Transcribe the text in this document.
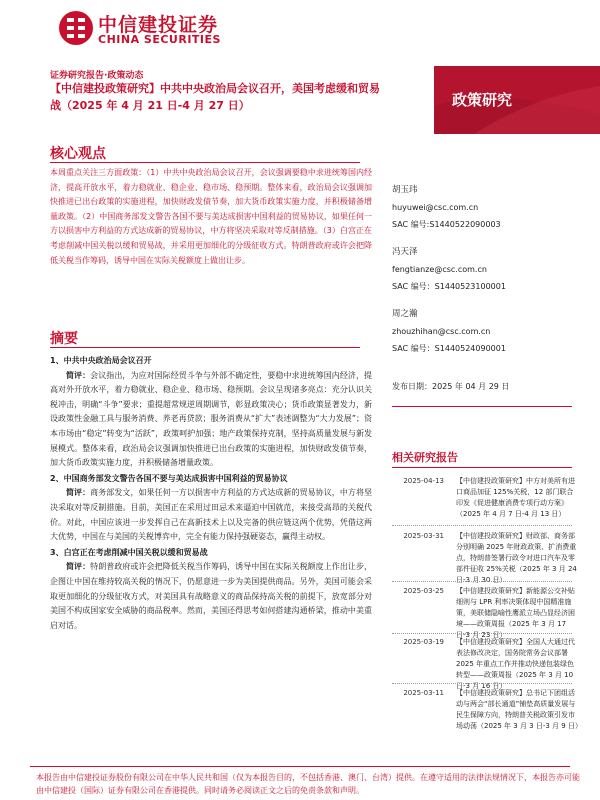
中信建投证券
CHINA SECURITIES
证券研究报告·政策动态
【中信建投政策研究】中共中央政治局会议召开，美国考虑缓和贸易战（2025 年 4 月 21 日-4 月 27 日）	政策研究
核心观点
本周重点关注三方面政策：（1）中共中央政治局会议召开，会议强调要稳中求进统筹国内经济，提高开放水平，着力稳就业、稳企业、稳市场、稳预期。整体来看，政治局会议强调加快推进已出台政策的实施进程，加快财政发债节奏，加大货币政策实施力度，并积极储备增量政策。（2）中国商务部发文警告各国不要与美达成损害中国利益的贸易协议，如果任何一方以损害中方利益的方式达成新的贸易协议，中方将坚决采取对等反制措施。（3）白宫正在考虑削减中国关税以缓和贸易战，并采用更加细化的分级征收方式。特朗普政府或许会把降低关税当作筹码，诱导中国在实际关税额度上做出让步。
摘要

1、中共中央政治局会议召开

简评：会议指出，为应对国际经贸斗争与外部不确定性，要稳中求进统筹国内经济，提高对外开放水平，着力稳就业、稳企业、稳市场、稳预期。会议呈现诸多亮点：充分认识关税冲击，明确“斗争”要求；重提超常规逆周期调节，彰显政策决心；货币政策显著发力，新设政策性金融工具与服务消费、养老再贷款；服务消费从“扩大”表述调整为“大力发展”；资本市场由“稳定”转变为“活跃”，政策呵护加强；地产政策保持克制，坚持高质量发展与新发展模式。整体来看，政治局会议强调加快推进已出台政策的实施进程，加快财政发债节奏，加大货币政策实施力度，并积极储备增量政策。

2、中国商务部发文警告各国不要与美达成损害中国利益的贸易协议

简评：商务部发文，如果任何一方以损害中方利益的方式达成新的贸易协议，中方将坚决采取对等反制措施。目前，美国正在采用过田忌术来逼迫中国就范，来接受高昂的关税代价。对此，中国应该进一步发挥自己在高新技术上以及完备的供应链这两个优势，凭借这两大优势，中国在与美国的关税博弈中，完全有能力保持强硬姿态，赢得主动权。

3、白宫正在考虑削减中国关税以缓和贸易战

简评：特朗普政府或许会把降低关税当作筹码，诱导中国在实际关税额度上作出让步，企图让中国在维持较高关税的情况下，仍愿意进一步为美国提供商品。另外，美国可能会采取更加细化的分级征收方式，对美国具有战略意义的商品保持高关税的前提下，放宽部分对美国不构成国家安全威胁的商品税率。然而，美国还得思考如何搭建沟通桥梁，推动中美重启对话。

胡玉玮
huyuwei@csc.com.cn
SAC 编号:S1440522090003
冯天泽
fengtianze@csc.com.cn
SAC 编号：S1440523100001
周之瀚
zhouzhihan@csc.com.cn
SAC 编号：S1440524090001
发布日期：2025 年 04 月 29 日
相关研究报告
2025-04-13 【中信建投政策研究】中方对美所有进口商品加征 125%关税，12 部门联合印发《促进健康消费专项行动方案》（2025 年 4 月 7 日-4 月 13 日）
2025-03-31 【中信建投政策研究】财政部、商务部分别明确 2025 年财政政策、扩消费重点，特朗普签署行政令对进口汽车及零部件征收 25%关税（2025 年 3 月 24 日-3 月 30 日）
2025-03-25 【中信建投政策研究】新能源公交补贴细则与 LPR 利率决策体现中国精准施策，美联储隐喻性鹰派立场凸显经济困境——政策周报（2025 年 3 月 17 日-3 月 23 日）
2025-03-19 【中信建投政策研究】全国人大通过代表法修改决定，国务院常务会议部署 2025 年重点工作并推动快递包装绿色转型——政策周报（2025 年 3 月 10 日-3 月 16 日）
2025-03-11 【中信建投政策研究】总书记下团组活动与两会“部长通道”铺垫高质量发展与民生保障方向，特朗普关税政策引发市场动荡（2025 年 3 月 3 日-3 月 9 日）
本报告由中信建投证券股份有限公司在中华人民共和国（仅为本报告目的，不包括香港、澳门、台湾）提供。在遵守适用的法律法规情况下，本报告亦可能由中信建投（国际）证券有限公司在香港提供。同时请务必阅读正文之后的免责条款和声明。
